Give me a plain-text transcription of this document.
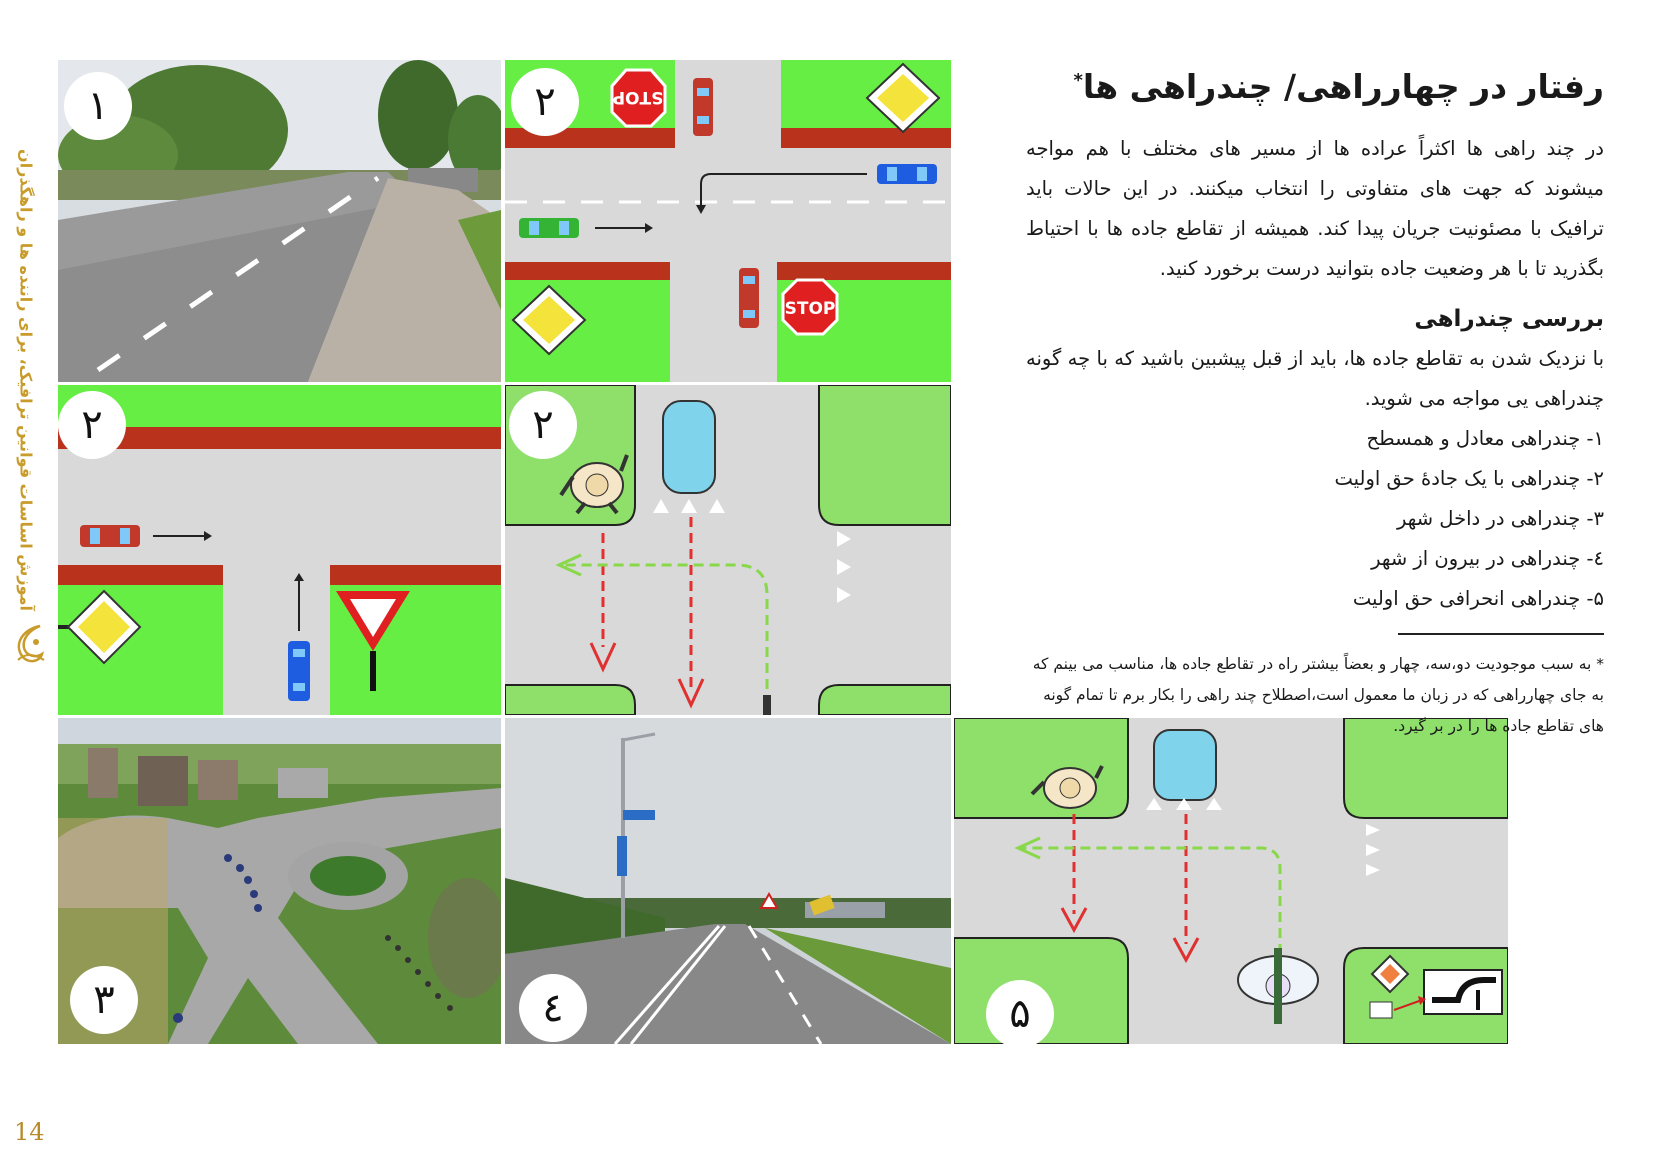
آموزش اساسات قوانین ترافیک، برای راننده ها و راهگذران
14
۱	STOP
STOP
۲
۲	۲
۳	٤	۵
رفتار در چهارراهی/ چندراهی ها*

در چند راهی ها اکثراً عراده ها از مسیر های مختلف با هم مواجه میشوند که جهت های متفاوتی را انتخاب میکنند. در این حالات باید ترافیک با مصئونیت جریان پیدا کند. همیشه از تقاطع جاده ها با احتیاط بگذرید تا با هر وضعیت جاده بتوانید درست برخورد کنید.

بررسی چندراهی

با نزدیک شدن به تقاطع جاده ها، باید از قبل پیشبین باشید که با چه گونه چندراهی یی مواجه می شوید.

۱- چندراهی معادل و همسطح
۲- چندراهی با یک جادهٔ حق اولیت
۳- چندراهی در داخل شهر
٤- چندراهی در بیرون از شهر
۵- چندراهی انحرافی حق اولیت

* به سبب موجودیت دو،سه، چهار و بعضاً بیشتر راه در تقاطع جاده ها، مناسب می بینم که به جای چهارراهی که در زبان ما معمول است،اصطلاح چند راهی را بکار برم تا تمام گونه های تقاطع جاده ها را در بر گیرد.
